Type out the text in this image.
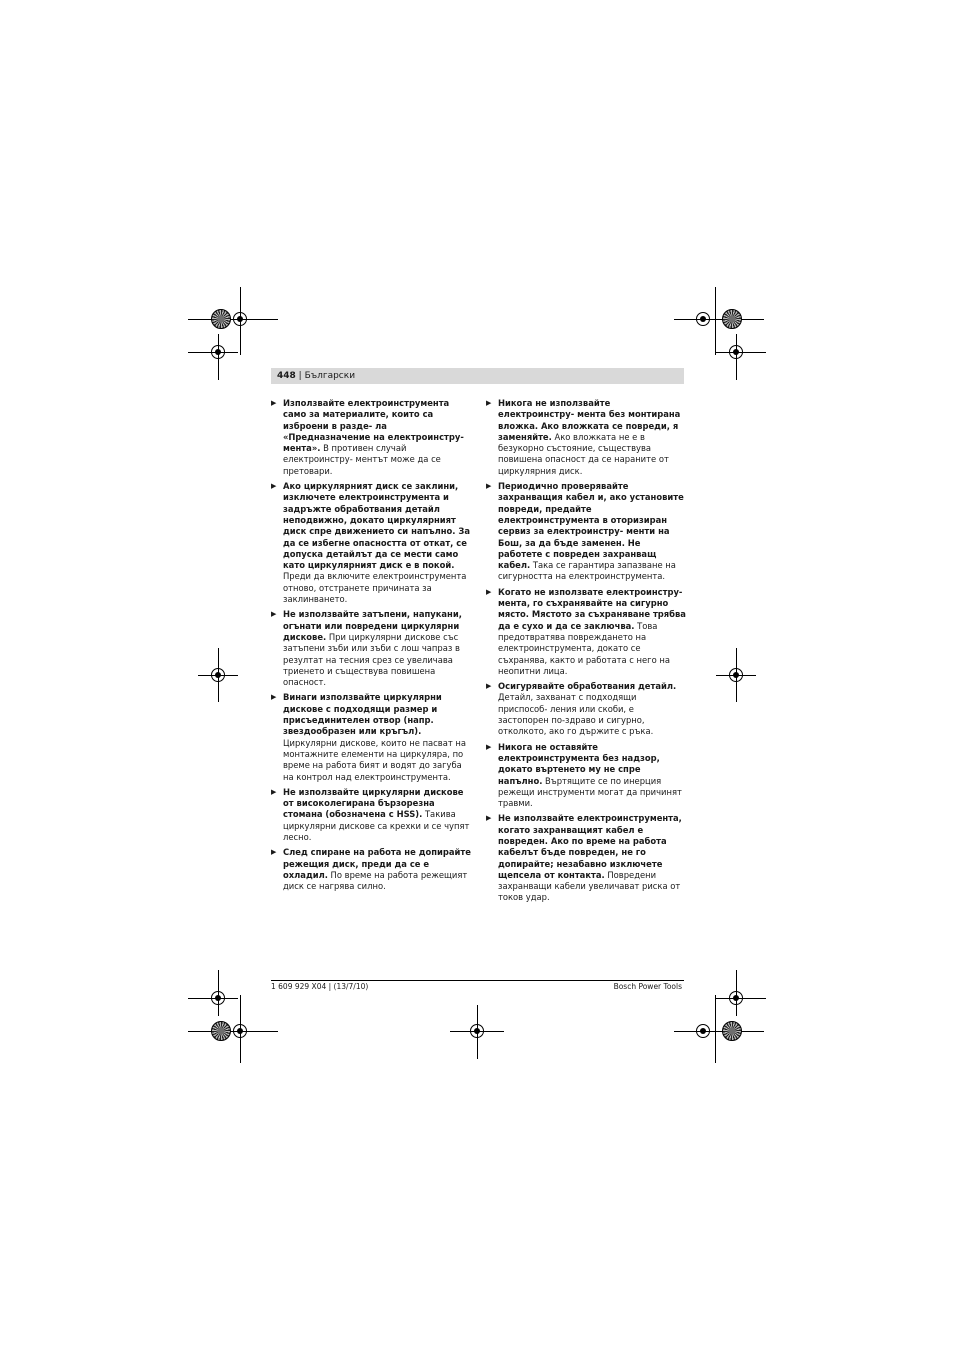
448 | Български
▶ Използвайте електроинструмента само за материалите, които са изброени в разде- ла «Предназначение на електроинстру- мента». В противен случай електроинстру- ментът може да се претовари.
▶ Ако циркулярният диск се заклини, изключете електроинструмента и задръжте обработвания детайл неподвижно, докато циркулярният диск спре движението си напълно. За да се избегне опасността от откат, се допуска детайлът да се мести само като циркулярният диск е в покой. Преди да включите електроинструмента отново, отстранете причината за заклинването.
▶ Не използвайте затъпени, напукани, огънати или повредени циркулярни дискове. При циркулярни дискове със затъпени зъби или зъби с лош чапраз в резултат на тесния срез се увеличава триенето и съществува повишена опасност.
▶ Винаги използвайте циркулярни дискове с подходящи размер и присъединителен отвор (напр. звездообразен или кръгъл). Циркулярни дискове, които не пасват на монтажните елементи на циркуляра, по време на работа бият и водят до загуба на контрол над електроинструмента.
▶ Не използвайте циркулярни дискове от високолегирана бързорезна стомана (обозначена с HSS). Такива циркулярни дискове са крехки и се чупят лесно.
▶ След спиране на работа не допирайте режещия диск, преди да се е охладил. По време на работа режещият диск се нагрява силно.
▶ Никога не използвайте електроинстру- мента без монтирана вложка. Ако вложката се повреди, я заменяйте. Ако вложката не е в безукорно състояние, съществува повишена опасност да се нараните от циркулярния диск.
▶ Периодично проверявайте захранващия кабел и, ако установите повреди, предайте електроинструмента в оторизиран сервиз за електроинстру- менти на Бош, за да бъде заменен. Не работете с повреден захранващ кабел. Така се гарантира запазване на сигурността на електроинструмента.
▶ Когато не използвате електроинстру- мента, го съхранявайте на сигурно място. Мястото за съхраняване трябва да е сухо и да се заключва. Това предотвратява повреждането на електроинструмента, докато се съхранява, както и работата с него на неопитни лица.
▶ Осигурявайте обработвания детайл. Детайл, захванат с подходящи приспособ- ления или скоби, е застопорен по-здраво и сигурно, отколкото, ако го държите с ръка.
▶ Никога не оставяйте електроинструмента без надзор, докато въртенето му не спре напълно. Въртящите се по инерция режещи инструменти могат да причинят травми.
▶ Не използвайте електроинструмента, когато захранващият кабел е повреден. Ако по време на работа кабелът бъде повреден, не го допирайте; незабавно изключете щепсела от контакта. Повредени захранващи кабели увеличават риска от токов удар.
1 609 929 X04 | (13/7/10)	Bosch Power Tools
